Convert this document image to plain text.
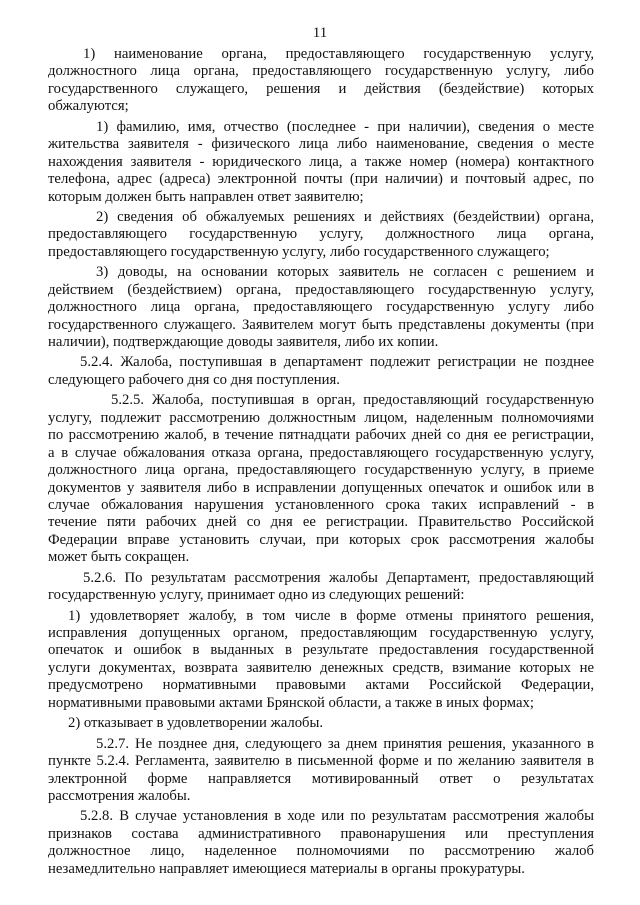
11
1) наименование органа, предоставляющего государственную услугу,
должностного лица органа, предоставляющего государственную услугу, либо
государственного служащего, решения и действия (бездействие) которых
обжалуются;
1) фамилию, имя, отчество (последнее - при наличии), сведения о месте
жительства заявителя - физического лица либо наименование, сведения о месте
нахождения заявителя - юридического лица, а также номер (номера) контактного
телефона, адрес (адреса) электронной почты (при наличии) и почтовый адрес, по
которым должен быть направлен ответ заявителю;
2) сведения об обжалуемых решениях и действиях (бездействии) органа,
предоставляющего государственную услугу, должностного лица органа,
предоставляющего государственную услугу, либо государственного служащего;
3) доводы, на основании которых заявитель не согласен с решением и
действием (бездействием) органа, предоставляющего государственную услугу,
должностного лица органа, предоставляющего государственную услугу либо
государственного служащего. Заявителем могут быть представлены документы (при
наличии), подтверждающие доводы заявителя, либо их копии.
5.2.4. Жалоба, поступившая в департамент подлежит регистрации не позднее
следующего рабочего дня со дня поступления.
5.2.5. Жалоба, поступившая в орган, предоставляющий государственную
услугу, подлежит рассмотрению должностным лицом, наделенным полномочиями
по рассмотрению жалоб, в течение пятнадцати рабочих дней со дня ее регистрации,
а в случае обжалования отказа органа, предоставляющего государственную услугу,
должностного лица органа, предоставляющего государственную услугу, в приеме
документов у заявителя либо в исправлении допущенных опечаток и ошибок или в
случае обжалования нарушения установленного срока таких исправлений - в
течение пяти рабочих дней со дня ее регистрации. Правительство Российской
Федерации вправе установить случаи, при которых срок рассмотрения жалобы
может быть сокращен.
5.2.6. По результатам рассмотрения жалобы Департамент, предоставляющий
государственную услугу, принимает одно из следующих решений:
1) удовлетворяет жалобу, в том числе в форме отмены принятого решения,
исправления допущенных органом, предоставляющим государственную услугу,
опечаток и ошибок в выданных в результате предоставления государственной
услуги документах, возврата заявителю денежных средств, взимание которых не
предусмотрено нормативными правовыми актами Российской Федерации,
нормативными правовыми актами Брянской области, а также в иных формах;
2) отказывает в удовлетворении жалобы.
5.2.7. Не позднее дня, следующего за днем принятия решения, указанного в
пункте 5.2.4. Регламента, заявителю в письменной форме и по желанию заявителя в
электронной форме направляется мотивированный ответ о результатах
рассмотрения жалобы.
5.2.8. В случае установления в ходе или по результатам рассмотрения жалобы
признаков состава административного правонарушения или преступления
должностное лицо, наделенное полномочиями по рассмотрению жалоб
незамедлительно направляет имеющиеся материалы в органы прокуратуры.
